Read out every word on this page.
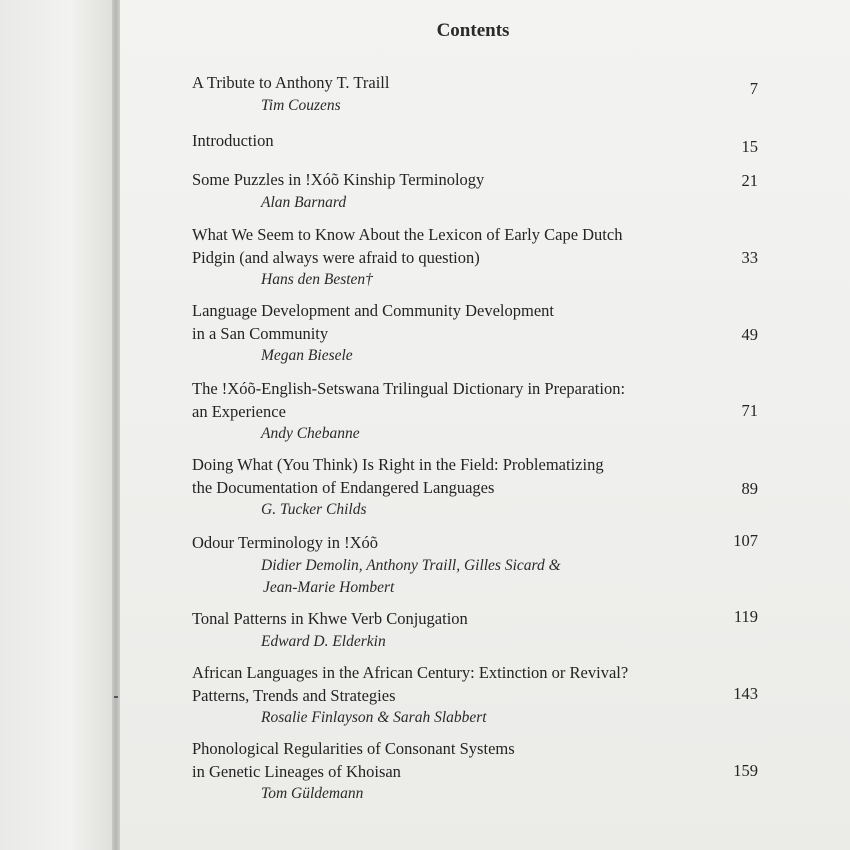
Contents
A Tribute to Anthony T. Traill
Tim Couzens
7
Introduction	15
Some Puzzles in !Xóõ Kinship Terminology
Alan Barnard
21
What We Seem to Know About the Lexicon of Early Cape Dutch
Pidgin (and always were afraid to question)
Hans den Besten†
33
Language Development and Community Development
in a San Community
Megan Biesele
49
The !Xóõ-English-Setswana Trilingual Dictionary in Preparation:
an Experience
Andy Chebanne
71
Doing What (You Think) Is Right in the Field: Problematizing
the Documentation of Endangered Languages
G. Tucker Childs
89
Odour Terminology in !Xóõ
Didier Demolin, Anthony Traill, Gilles Sicard &
Jean-Marie Hombert
107
Tonal Patterns in Khwe Verb Conjugation
Edward D. Elderkin
119
African Languages in the African Century: Extinction or Revival?
Patterns, Trends and Strategies
Rosalie Finlayson & Sarah Slabbert
143
Phonological Regularities of Consonant Systems
in Genetic Lineages of Khoisan
Tom Güldemann
159
